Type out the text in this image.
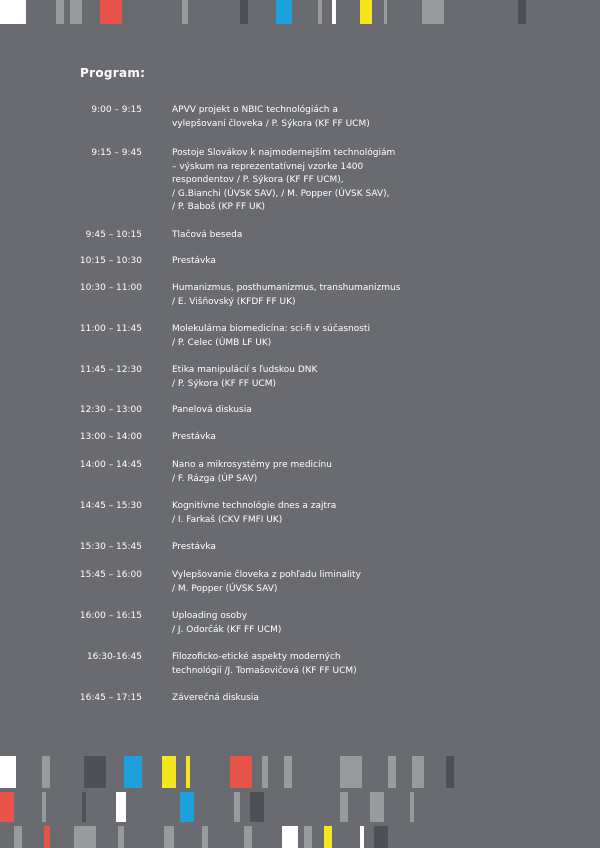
Program:
9:00 – 9:15	APVV projekt o NBIC technológiách a
vylepšovaní človeka / P. Sýkora (KF FF UCM)
9:15 – 9:45	Postoje Slovákov k najmodernejším technológiám
– výskum na reprezentatívnej vzorke 1400
respondentov / P. Sýkora (KF FF UCM),
/ G.Bianchi (ÚVSK SAV), / M. Popper (ÚVSK SAV),
/ P. Baboš (KP FF UK)
9:45 – 10:15	Tlačová beseda
10:15 – 10:30	Prestávka
10:30 – 11:00	Humanizmus, posthumanizmus, transhumanizmus
/ E. Višňovský (KFDF FF UK)
11:00 – 11:45	Molekulárna biomedicína: sci-fi v súčasnosti
/ P. Celec (ÚMB LF UK)
11:45 – 12:30	Etika manipulácií s ľudskou DNK
/ P. Sýkora (KF FF UCM)
12:30 – 13:00	Panelová diskusia
13:00 – 14:00	Prestávka
14:00 – 14:45	Nano a mikrosystémy pre medicínu
/ F. Rázga (ÚP SAV)
14:45 – 15:30	Kognitívne technológie dnes a zajtra
/ I. Farkaš (CKV FMFI UK)
15:30 – 15:45	Prestávka
15:45 – 16:00	Vylepšovanie človeka z pohľadu liminality
/ M. Popper (ÚVSK SAV)
16:00 – 16:15	Uploading osoby
/ J. Odorčák (KF FF UCM)
16:30-16:45	Filozoficko-etické aspekty moderných
technológií /J. Tomašovičová (KF FF UCM)
16:45 – 17:15	Záverečná diskusia
